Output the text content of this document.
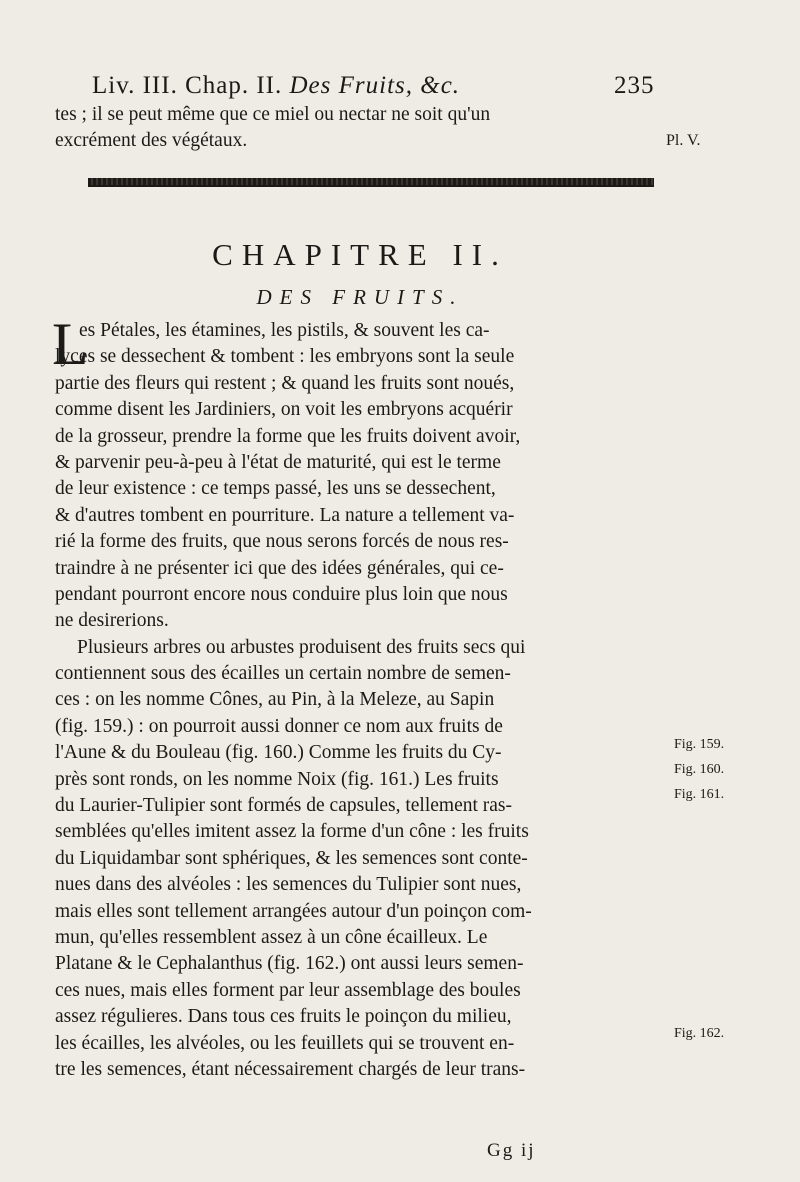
Liv. III. Chap. II. Des Fruits, &c.	235
tes ; il se peut même que ce miel ou nectar ne soit qu'un
excrément des végétaux.
CHAPITRE II.
DES FRUITS.
L
es Pétales, les étamines, les pistils, & souvent les ca-
lyces se dessechent & tombent : les embryons sont la seule
partie des fleurs qui restent ; & quand les fruits sont noués,
comme disent les Jardiniers, on voit les embryons acquérir
de la grosseur, prendre la forme que les fruits doivent avoir,
& parvenir peu-à-peu à l'état de maturité, qui est le terme
de leur existence : ce temps passé, les uns se dessechent,
& d'autres tombent en pourriture. La nature a tellement va-
rié la forme des fruits, que nous serons forcés de nous res-
traindre à ne présenter ici que des idées générales, qui ce-
pendant pourront encore nous conduire plus loin que nous
ne desirerions.
Plusieurs arbres ou arbustes produisent des fruits secs qui
contiennent sous des écailles un certain nombre de semen-
ces : on les nomme Cônes, au Pin, à la Meleze, au Sapin
(fig. 159.) : on pourroit aussi donner ce nom aux fruits de
l'Aune & du Bouleau (fig. 160.) Comme les fruits du Cy-
près sont ronds, on les nomme Noix (fig. 161.) Les fruits
du Laurier-Tulipier sont formés de capsules, tellement ras-
semblées qu'elles imitent assez la forme d'un cône : les fruits
du Liquidambar sont sphériques, & les semences sont conte-
nues dans des alvéoles : les semences du Tulipier sont nues,
mais elles sont tellement arrangées autour d'un poinçon com-
mun, qu'elles ressemblent assez à un cône écailleux. Le
Platane & le Cephalanthus (fig. 162.) ont aussi leurs semen-
ces nues, mais elles forment par leur assemblage des boules
assez régulieres. Dans tous ces fruits le poinçon du milieu,
les écailles, les alvéoles, ou les feuillets qui se trouvent en-
tre les semences, étant nécessairement chargés de leur trans-
Pl. V.
Fig. 159.
Fig. 160.
Fig. 161.
Fig. 162.
Gg ij
